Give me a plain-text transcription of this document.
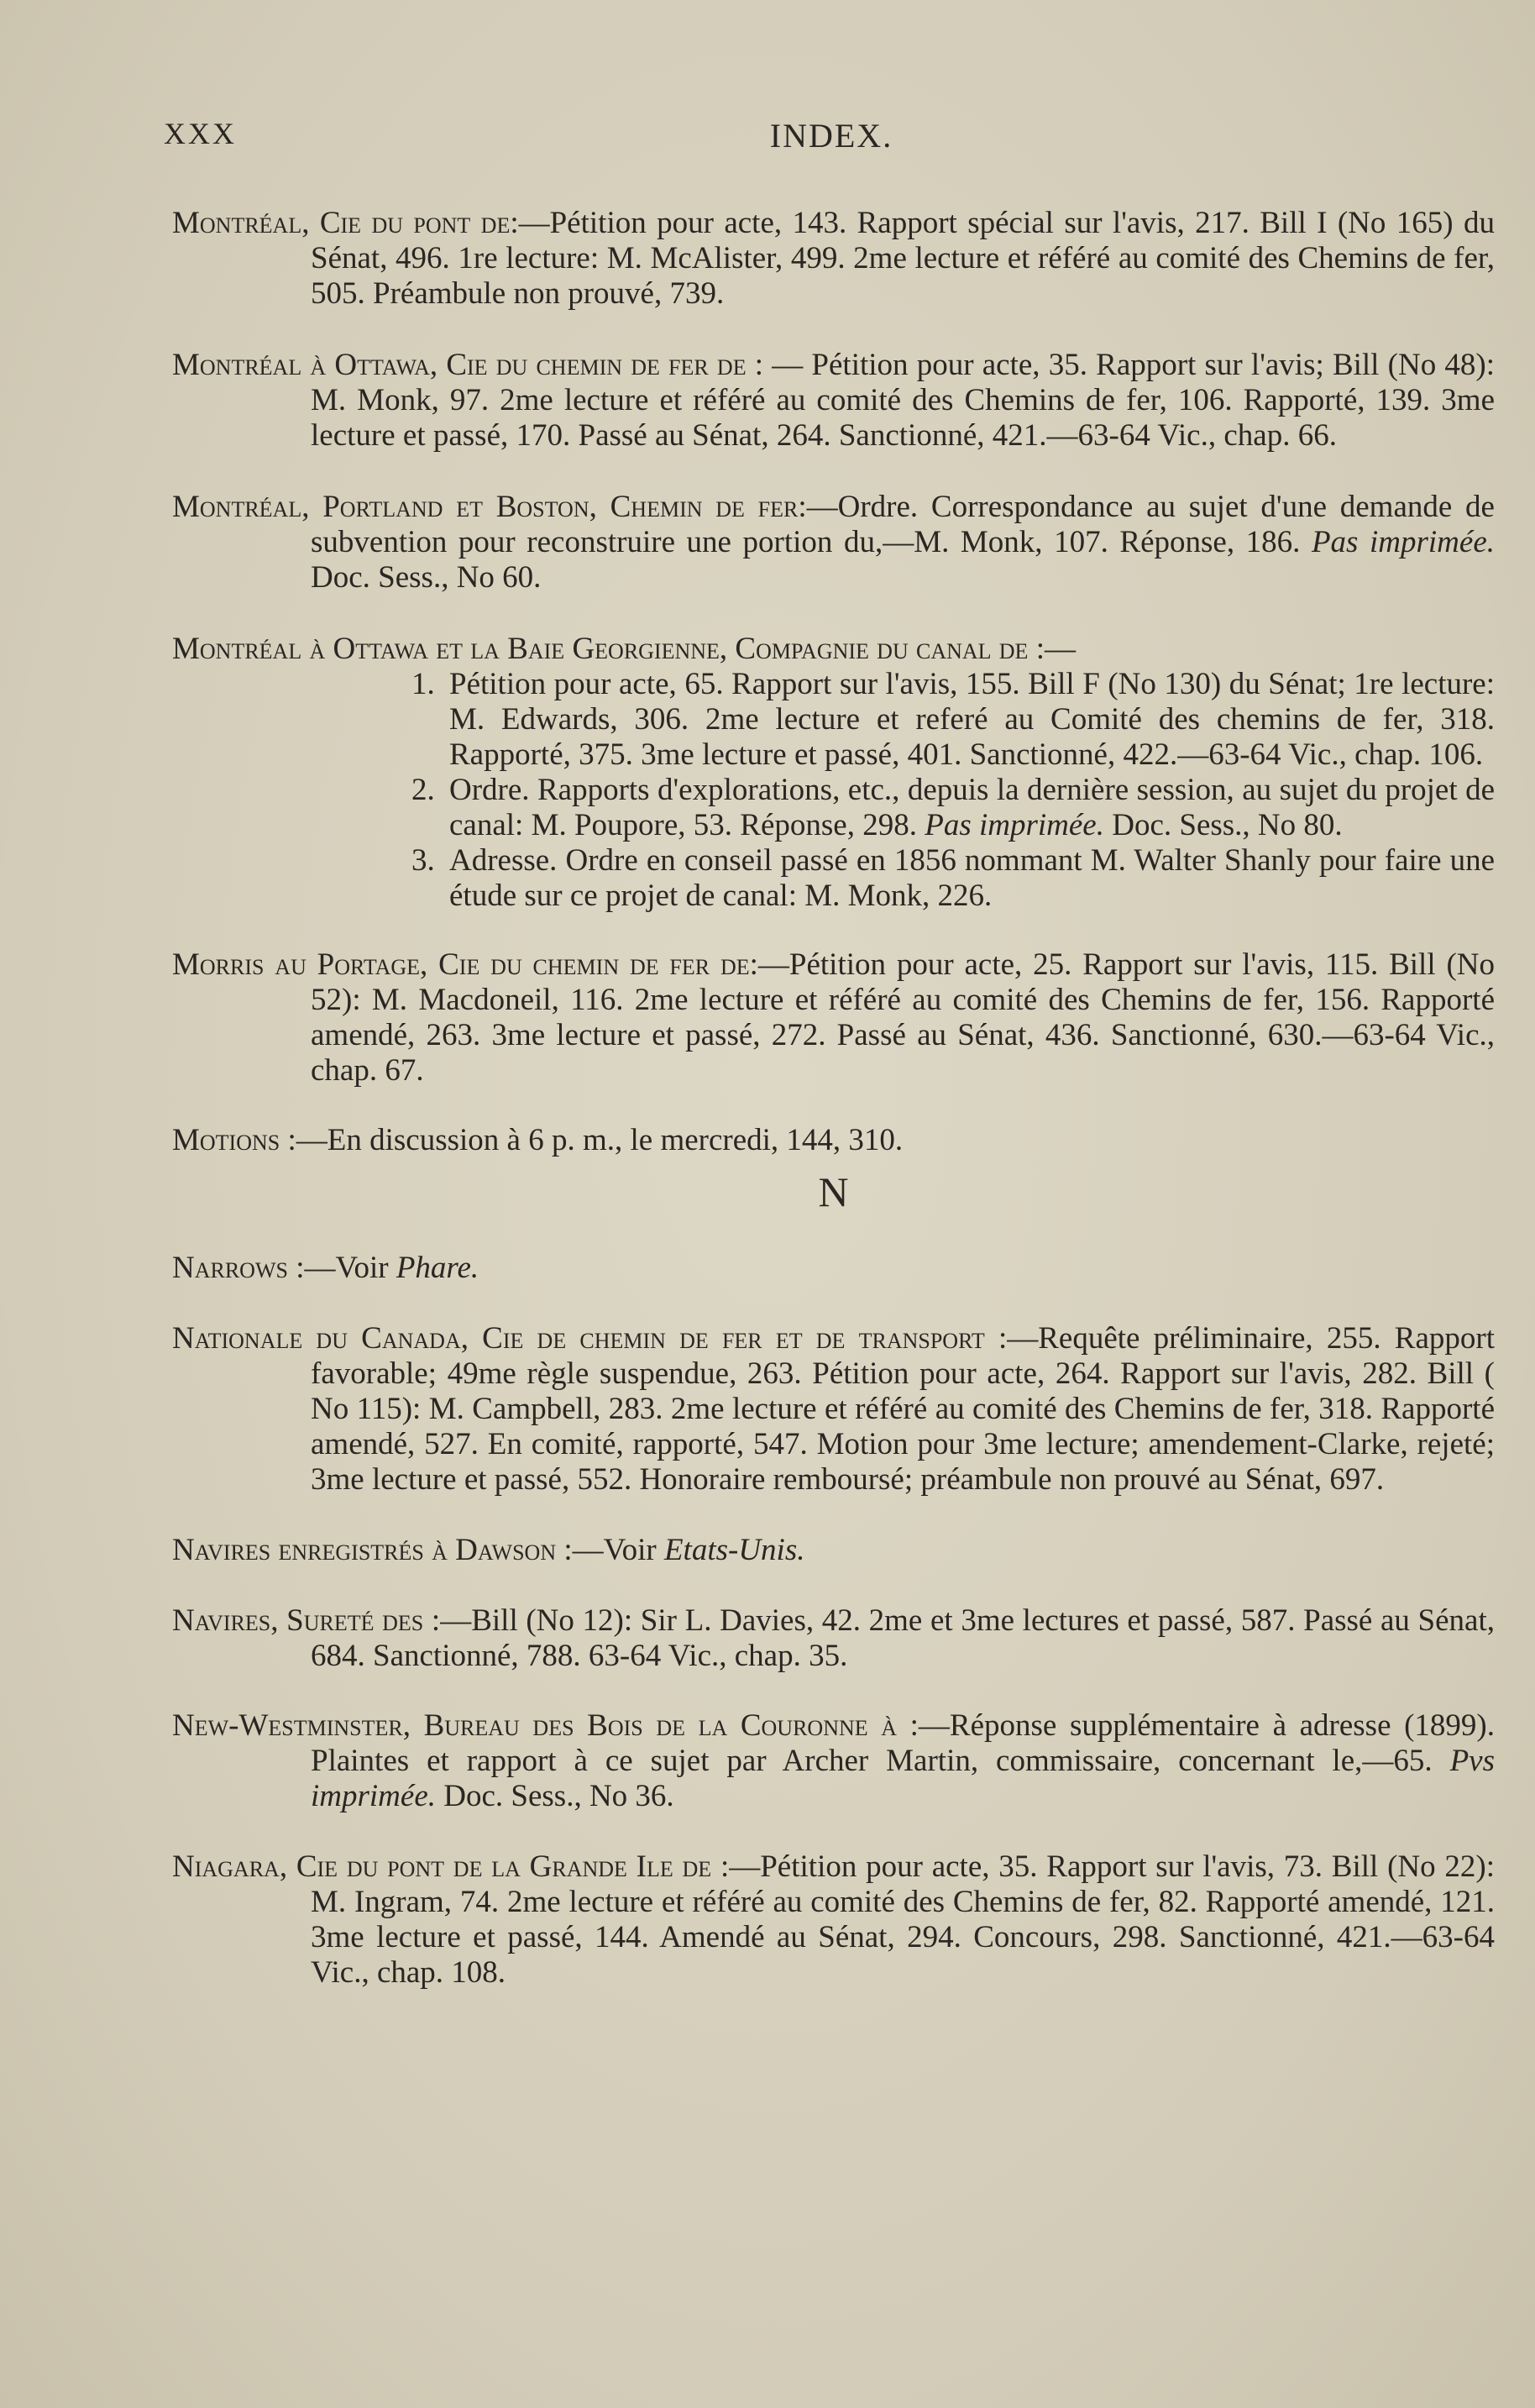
XXX	INDEX.
Montréal, Cie du pont de:—Pétition pour acte, 143. Rapport spécial sur l'avis, 217. Bill I (No 165) du Sénat, 496. 1re lecture: M. McAlister, 499. 2me lecture et référé au comité des Chemins de fer, 505. Préambule non prouvé, 739.
Montréal à Ottawa, Cie du chemin de fer de : — Pétition pour acte, 35. Rapport sur l'avis; Bill (No 48): M. Monk, 97. 2me lecture et référé au comité des Chemins de fer, 106. Rapporté, 139. 3me lecture et passé, 170. Passé au Sénat, 264. Sanctionné, 421.—63-64 Vic., chap. 66.
Montréal, Portland et Boston, Chemin de fer:—Ordre. Correspondance au sujet d'une demande de subvention pour reconstruire une portion du,—M. Monk, 107. Réponse, 186. Pas imprimée. Doc. Sess., No 60.
Montréal à Ottawa et la Baie Georgienne, Compagnie du canal de :—
1. Pétition pour acte, 65. Rapport sur l'avis, 155. Bill F (No 130) du Sénat; 1re lecture: M. Edwards, 306. 2me lecture et referé au Comité des chemins de fer, 318. Rapporté, 375. 3me lecture et passé, 401. Sanctionné, 422.—63-64 Vic., chap. 106.
2. Ordre. Rapports d'explorations, etc., depuis la dernière session, au sujet du projet de canal: M. Poupore, 53. Réponse, 298. Pas imprimée. Doc. Sess., No 80.
3. Adresse. Ordre en conseil passé en 1856 nommant M. Walter Shanly pour faire une étude sur ce projet de canal: M. Monk, 226.
Morris au Portage, Cie du chemin de fer de:—Pétition pour acte, 25. Rapport sur l'avis, 115. Bill (No 52): M. Macdoneil, 116. 2me lecture et référé au comité des Chemins de fer, 156. Rapporté amendé, 263. 3me lecture et passé, 272. Passé au Sénat, 436. Sanctionné, 630.—63-64 Vic., chap. 67.
Motions :—En discussion à 6 p. m., le mercredi, 144, 310.
N
Narrows :—Voir Phare.
Nationale du Canada, Cie de chemin de fer et de transport :—Requête préliminaire, 255. Rapport favorable; 49me règle suspendue, 263. Pétition pour acte, 264. Rapport sur l'avis, 282. Bill ( No 115): M. Campbell, 283. 2me lecture et référé au comité des Chemins de fer, 318. Rapporté amendé, 527. En comité, rapporté, 547. Motion pour 3me lecture; amendement-Clarke, rejeté; 3me lecture et passé, 552. Honoraire remboursé; préambule non prouvé au Sénat, 697.
Navires enregistrés à Dawson :—Voir Etats-Unis.
Navires, Sureté des :—Bill (No 12): Sir L. Davies, 42. 2me et 3me lectures et passé, 587. Passé au Sénat, 684. Sanctionné, 788. 63-64 Vic., chap. 35.
New-Westminster, Bureau des Bois de la Couronne à :—Réponse supplémentaire à adresse (1899). Plaintes et rapport à ce sujet par Archer Martin, commissaire, concernant le,—65. Pvs imprimée. Doc. Sess., No 36.
Niagara, Cie du pont de la Grande Ile de :—Pétition pour acte, 35. Rapport sur l'avis, 73. Bill (No 22): M. Ingram, 74. 2me lecture et référé au comité des Chemins de fer, 82. Rapporté amendé, 121. 3me lecture et passé, 144. Amendé au Sénat, 294. Concours, 298. Sanctionné, 421.—63-64 Vic., chap. 108.
